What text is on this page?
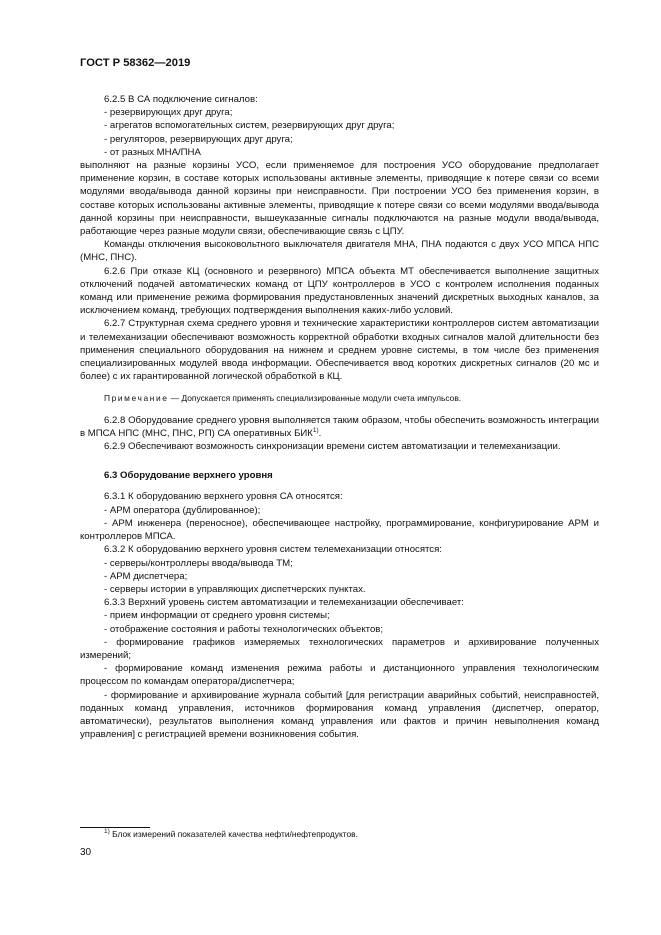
ГОСТ Р 58362—2019

6.2.5 В СА подключение сигналов:

- резервирующих друг друга;

- агрегатов вспомогательных систем, резервирующих друг друга;

- регуляторов, резервирующих друг друга;

- от разных МНА/ПНА

выполняют на разные корзины УСО, если применяемое для построения УСО оборудование предполагает применение корзин, в составе которых использованы активные элементы, приводящие к потере связи со всеми модулями ввода/вывода данной корзины при неисправности. При построении УСО без применения корзин, в составе которых использованы активные элементы, приводящие к потере связи со всеми модулями ввода/вывода данной корзины при неисправности, вышеуказанные сигналы подключаются на разные модули ввода/вывода, работающие через разные модули связи, обеспечивающие связь с ЦПУ.

Команды отключения высоковольтного выключателя двигателя МНА, ПНА подаются с двух УСО МПСА НПС (МНС, ПНС).

6.2.6 При отказе КЦ (основного и резервного) МПСА объекта МТ обеспечивается выполнение защитных отключений подачей автоматических команд от ЦПУ контроллеров в УСО с контролем исполнения поданных команд или применение режима формирования предустановленных значений дискретных выходных каналов, за исключением команд, требующих подтверждения выполнения каких-либо условий.

6.2.7 Структурная схема среднего уровня и технические характеристики контроллеров систем автоматизации и телемеханизации обеспечивают возможность корректной обработки входных сигналов малой длительности без применения специального оборудования на нижнем и среднем уровне системы, в том числе без применения специализированных модулей ввода информации. Обеспечивается ввод коротких дискретных сигналов (20 мс и более) с их гарантированной логической обработкой в КЦ.

Примечание — Допускается применять специализированные модули счета импульсов.

6.2.8 Оборудование среднего уровня выполняется таким образом, чтобы обеспечить возможность интеграции в МПСА НПС (МНС, ПНС, РП) СА оперативных БИК$^{1)}$.

6.2.9 Обеспечивают возможность синхронизации времени систем автоматизации и телемеханизации.

6.3 Оборудование верхнего уровня

6.3.1 К оборудованию верхнего уровня СА относятся:

- АРМ оператора (дублированное);

- АРМ инженера (переносное), обеспечивающее настройку, программирование, конфигурирование АРМ и контроллеров МПСА.

6.3.2 К оборудованию верхнего уровня систем телемеханизации относятся:

- серверы/контроллеры ввода/вывода ТМ;

- АРМ диспетчера;

- серверы истории в управляющих диспетчерских пунктах.

6.3.3 Верхний уровень систем автоматизации и телемеханизации обеспечивает:

- прием информации от среднего уровня системы;

- отображение состояния и работы технологических объектов;

- формирование графиков измеряемых технологических параметров и архивирование полученных измерений;

- формирование команд изменения режима работы и дистанционного управления технологическим процессом по командам оператора/диспетчера;

- формирование и архивирование журнала событий [для регистрации аварийных событий, неисправностей, поданных команд управления, источников формирования команд управления (диспетчер, оператор, автоматически), результатов выполнения команд управления или фактов и причин невыполнения команд управления] с регистрацией времени возникновения события.

$^{1)}$ Блок измерений показателей качества нефти/нефтепродуктов.

30
